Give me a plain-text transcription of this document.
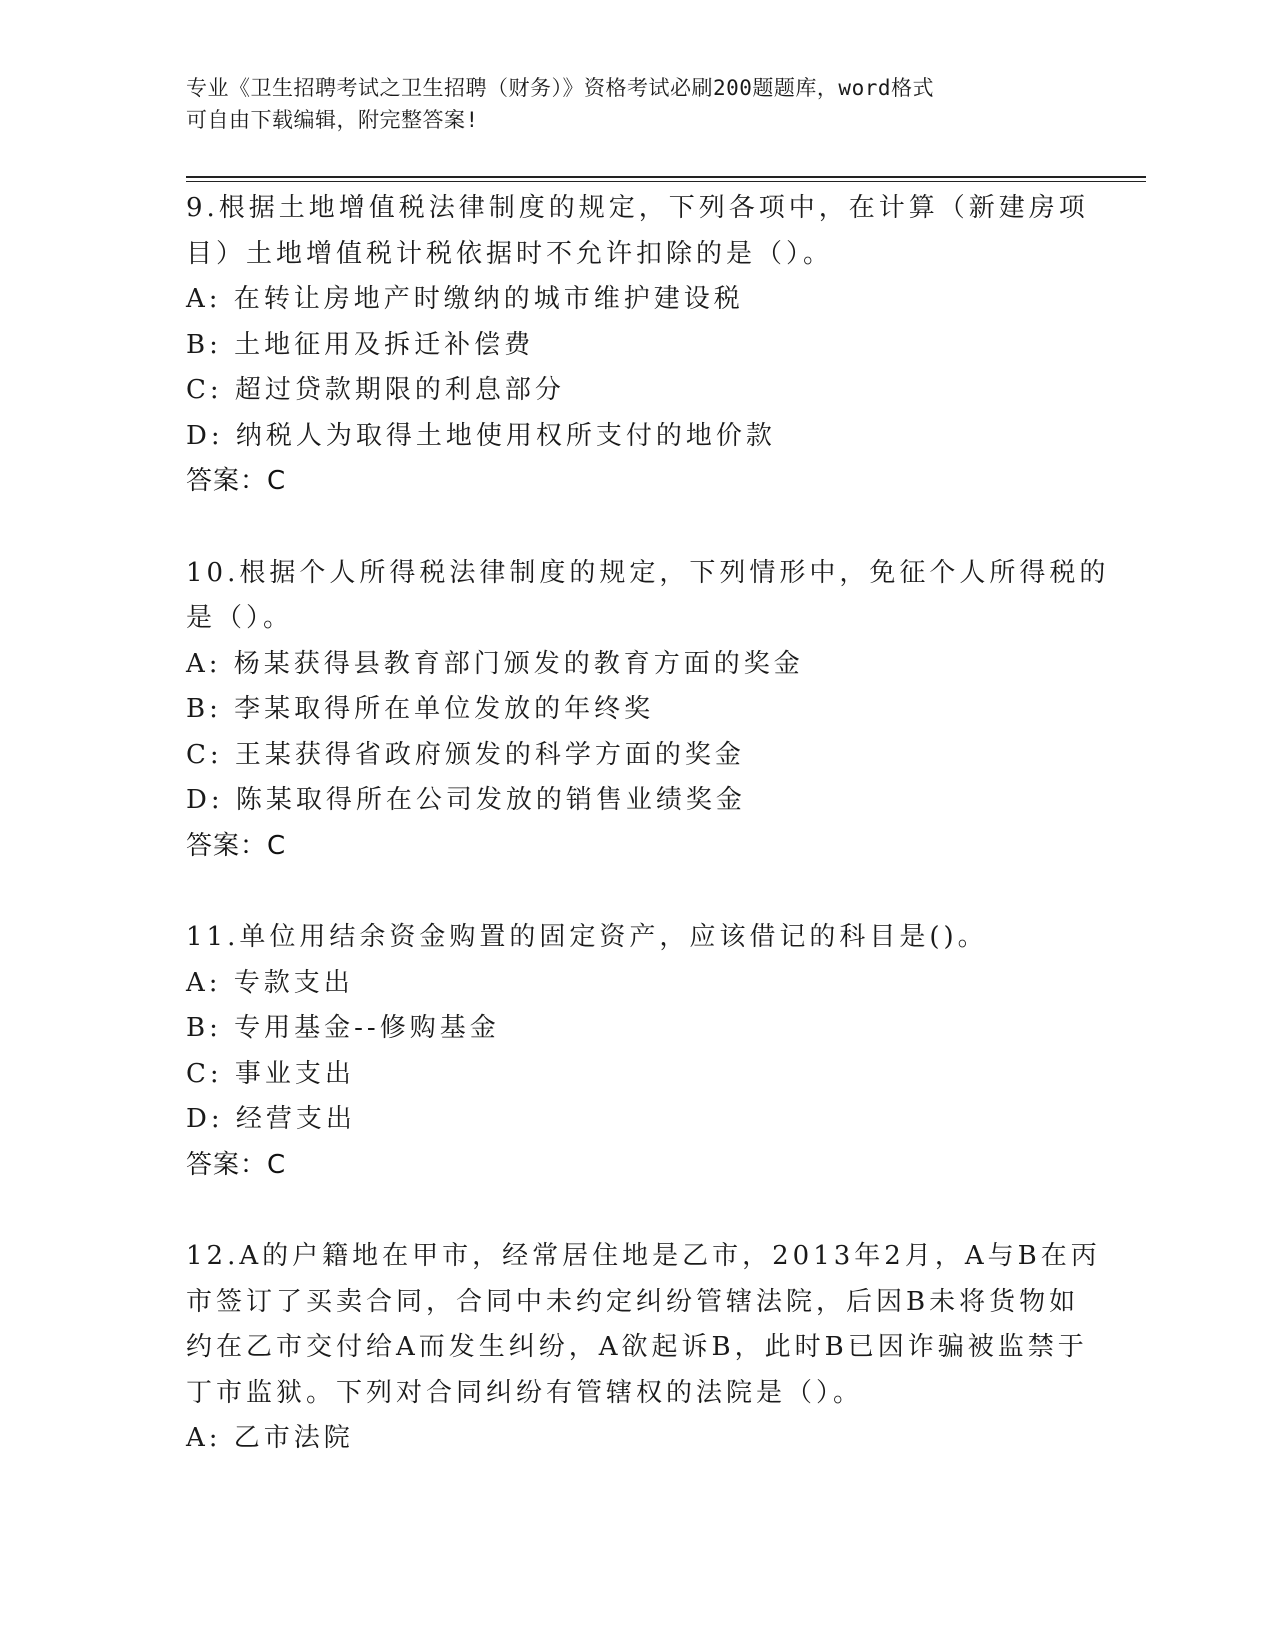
专业《卫生招聘考试之卫生招聘（财务）》资格考试必刷200题题库，word格式
可自由下载编辑，附完整答案!
9.根据土地增值税法律制度的规定，下列各项中，在计算（新建房项
目）土地增值税计税依据时不允许扣除的是（）。
A: 在转让房地产时缴纳的城市维护建设税
B: 土地征用及拆迁补偿费
C: 超过贷款期限的利息部分
D: 纳税人为取得土地使用权所支付的地价款
答案：C
10.根据个人所得税法律制度的规定，下列情形中，免征个人所得税的
是（）。
A: 杨某获得县教育部门颁发的教育方面的奖金
B: 李某取得所在单位发放的年终奖
C: 王某获得省政府颁发的科学方面的奖金
D: 陈某取得所在公司发放的销售业绩奖金
答案：C
11.单位用结余资金购置的固定资产，应该借记的科目是()。
A: 专款支出
B: 专用基金--修购基金
C: 事业支出
D: 经营支出
答案：C
12.A的户籍地在甲市，经常居住地是乙市，2013年2月，A与B在丙
市签订了买卖合同，合同中未约定纠纷管辖法院，后因B未将货物如
约在乙市交付给A而发生纠纷，A欲起诉B，此时B已因诈骗被监禁于
丁市监狱。下列对合同纠纷有管辖权的法院是（）。
A: 乙市法院
